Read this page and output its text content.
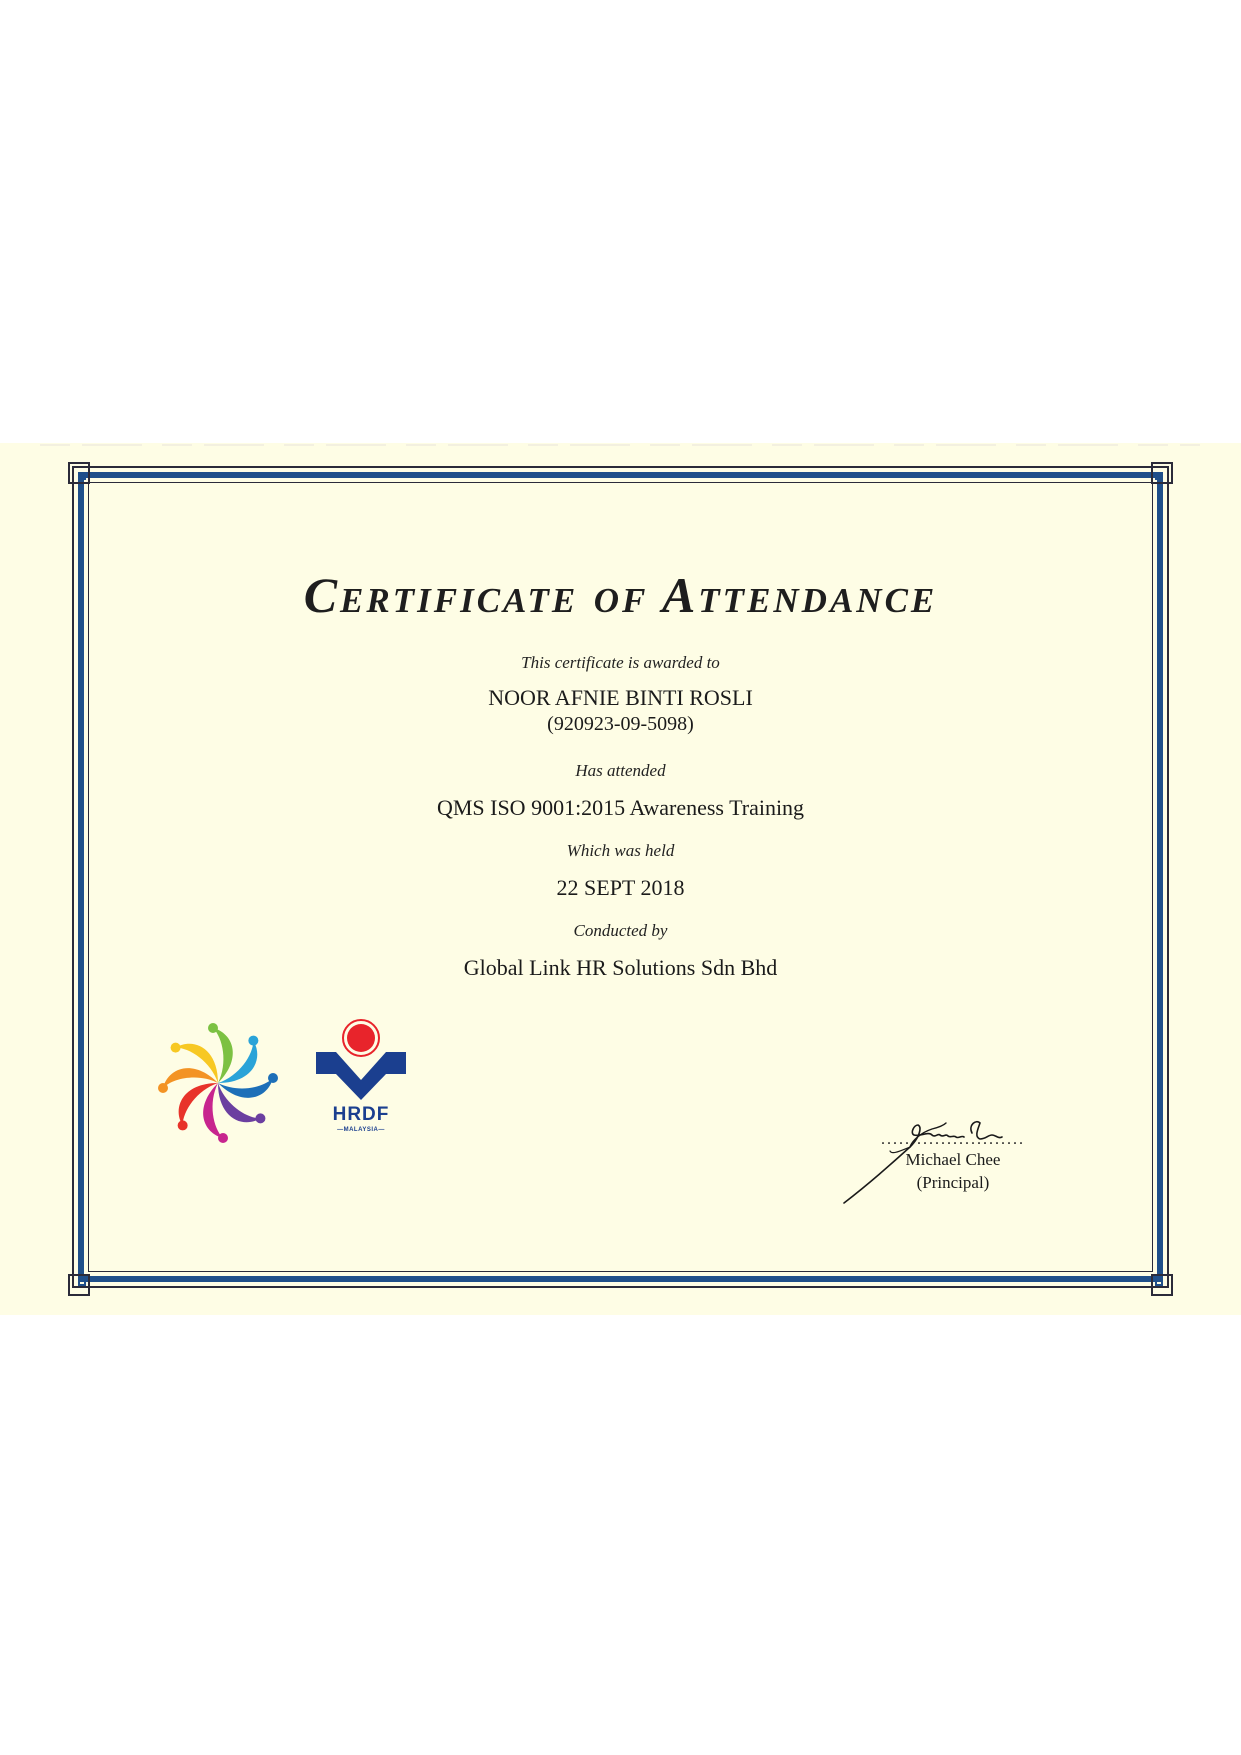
Certificate of Attendance
This certificate is awarded to
NOOR AFNIE BINTI ROSLI
(920923-09-5098)
Has attended
QMS ISO 9001:2015 Awareness Training
Which was held
22 SEPT 2018
Conducted by
Global Link HR Solutions Sdn Bhd
HRDF
—MALAYSIA—
........................
Michael Chee
(Principal)
